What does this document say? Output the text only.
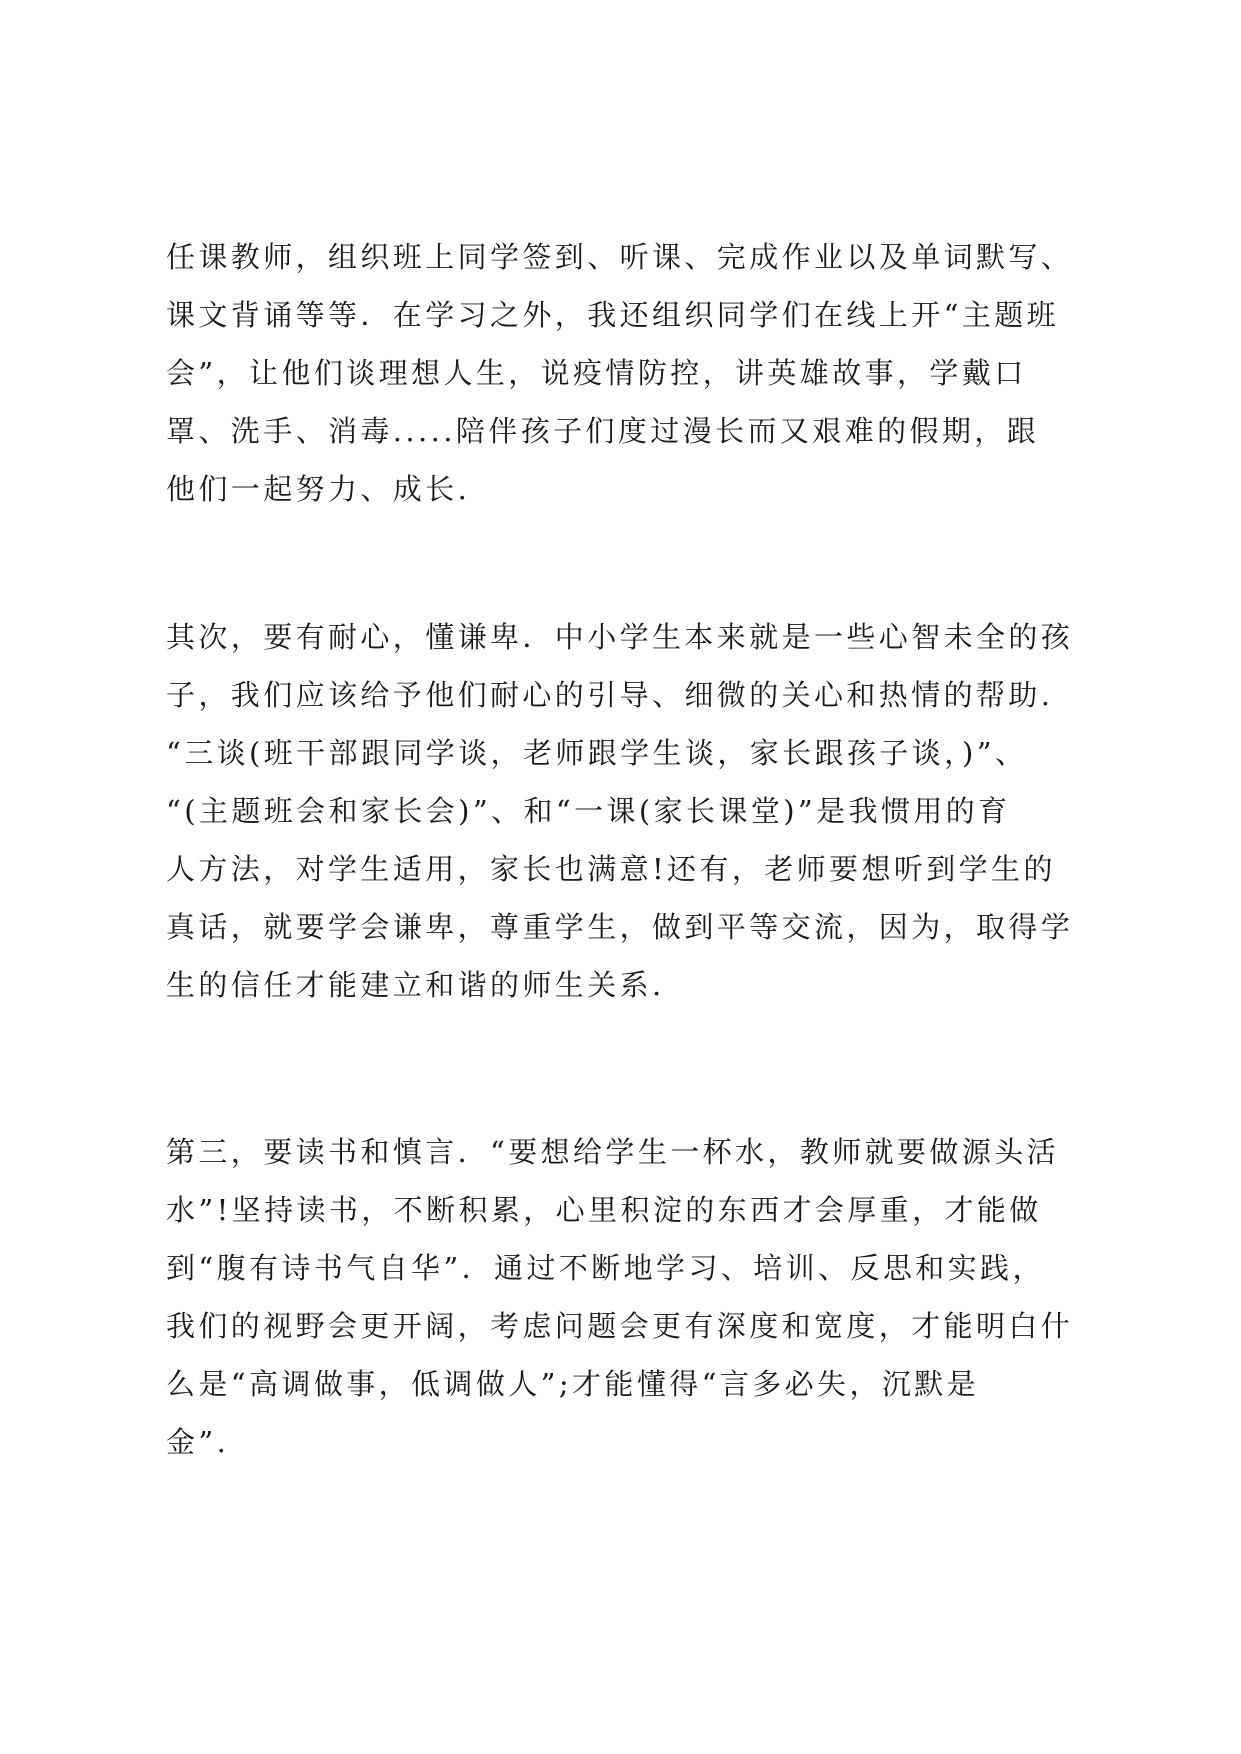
任课教师，组织班上同学签到、听课、完成作业以及单词默写、
课文背诵等等．在学习之外，我还组织同学们在线上开“主题班
会”，让他们谈理想人生，说疫情防控，讲英雄故事，学戴口
罩、洗手、消毒.....陪伴孩子们度过漫长而又艰难的假期，跟
他们一起努力、成长.
其次，要有耐心，懂谦卑．中小学生本来就是一些心智未全的孩
子，我们应该给予他们耐心的引导、细微的关心和热情的帮助.
“三谈(班干部跟同学谈，老师跟学生谈，家长跟孩子谈，)”、
“(主题班会和家长会)”、和“一课(家长课堂)”是我惯用的育
人方法，对学生适用，家长也满意!还有，老师要想听到学生的
真话，就要学会谦卑，尊重学生，做到平等交流，因为，取得学
生的信任才能建立和谐的师生关系.
第三，要读书和慎言．“要想给学生一杯水，教师就要做源头活
水”!坚持读书，不断积累，心里积淀的东西才会厚重，才能做
到“腹有诗书气自华”．通过不断地学习、培训、反思和实践，
我们的视野会更开阔，考虑问题会更有深度和宽度，才能明白什
么是“高调做事，低调做人”;才能懂得“言多必失，沉默是
金”.
